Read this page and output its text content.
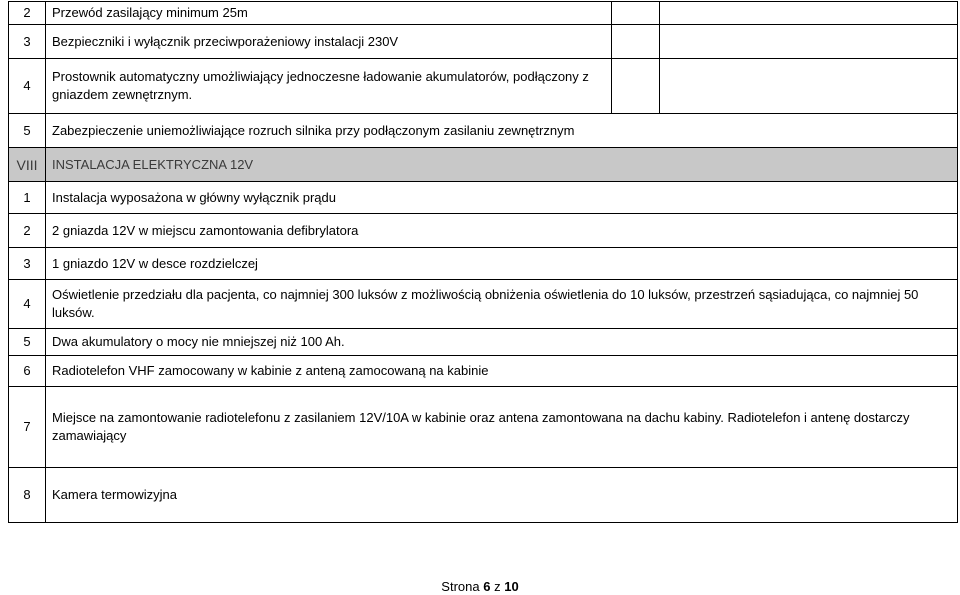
2	Przewód zasilający minimum 25m		
3	Bezpieczniki i wyłącznik przeciwporażeniowy instalacji 230V		
4	Prostownik automatyczny umożliwiający jednoczesne ładowanie akumulatorów, podłączony z gniazdem zewnętrznym.		
5	Zabezpieczenie uniemożliwiające rozruch silnika przy podłączonym zasilaniu zewnętrznym		
VIII	INSTALACJA ELEKTRYCZNA 12V		
1	Instalacja wyposażona w główny wyłącznik prądu		
2	2 gniazda 12V w miejscu zamontowania defibrylatora		
3	1 gniazdo 12V w desce rozdzielczej		
4	Oświetlenie przedziału dla pacjenta, co najmniej 300 luksów z możliwością obniżenia oświetlenia do 10 luksów, przestrzeń sąsiadująca, co najmniej 50 luksów.		
5	Dwa akumulatory o mocy nie mniejszej niż 100 Ah.		
6	Radiotelefon VHF zamocowany w kabinie z anteną zamocowaną na kabinie		
7	Miejsce na zamontowanie radiotelefonu z zasilaniem 12V/10A w kabinie oraz antena zamontowana na dachu kabiny. Radiotelefon i antenę dostarczy zamawiający		
8	Kamera termowizyjna		
Strona 6 z 10
